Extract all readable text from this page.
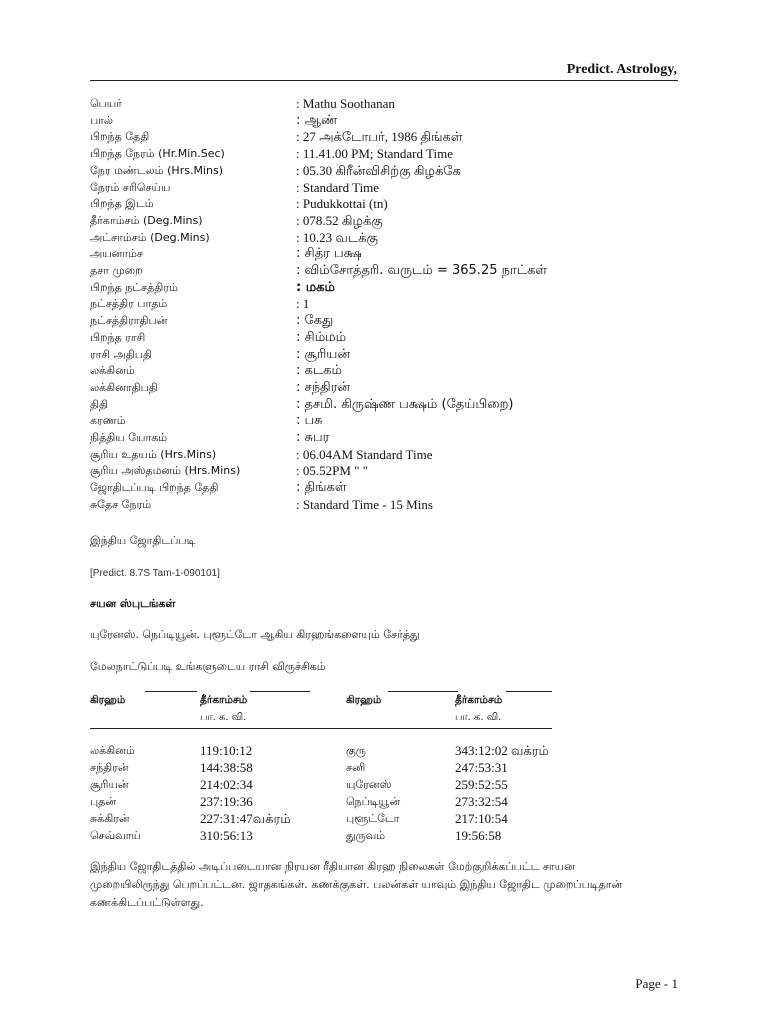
Predict. Astrology,
பெயர்	: Mathu Soothanan
பால்	: ஆண்
பிறந்த தேதி	: 27 அக்டோபர், 1986 திங்கள்
பிறந்த நேரம் (Hr.Min.Sec)	: 11.41.00 PM; Standard Time
நேர மண்டலம் (Hrs.Mins)	: 05.30 கிரீன்விசிற்கு கிழக்கே
நேரம் சரிசெய்ய	: Standard Time
பிறந்த இடம்	: Pudukkottai (tn)
தீர்காம்சம் (Deg.Mins)	: 078.52 கிழக்கு
அட்சாம்சம் (Deg.Mins)	: 10.23 வடக்கு
அயனாம்ச	: சித்ர பக்ஷ
தசா முறை	: விம்சோத்தரி. வருடம் = 365.25 நாட்கள்
பிறந்த நட்சத்திரம்	: மகம்
நட்சத்திர பாதம்	: 1
நட்சத்திராதிபன்	: கேது
பிறந்த ராசி	: சிம்மம்
ராசி அதிபதி	: சூரியன்
லக்கினம்	: கடகம்
லக்கினாதிபதி	: சந்திரன்
திதி	: தசமி. கிருஷ்ண பக்ஷம் (தேய்பிறை)
கரணம்	: பசு
நித்திய யோகம்	: சுபர
சூரிய உதயம் (Hrs.Mins)	: 06.04AM Standard Time
சூரிய அஸ்தமனம் (Hrs.Mins)	: 05.52PM " "
ஜோதிடப்படி பிறந்த தேதி	: திங்கள்
சுதேச நேரம்	: Standard Time - 15 Mins
இந்திய ஜோதிடப்படி
[Predict. 8.7S Tam-1-090101]
சயன ஸ்புடங்கள்
யுரேனஸ். நெப்டியூன். புளூட்டோ ஆகிய கிரஹங்களையும் சேர்த்து
மேலநாட்டுப்படி உங்களுடைய ராசி விருச்சிகம்
கிரஹம்	தீர்காம்சம்	கிரஹம்	தீர்காம்சம்
பா. க. வி.	பா. க. வி.
லக்கினம்	119:10:12	குரு	343:12:02 வக்ரம்
சந்திரன்	144:38:58	சனி	247:53:31
சூரியன்	214:02:34	யுரேனஸ்	259:52:55
புதன்	237:19:36	நெப்டியூன்	273:32:54
சுக்கிரன்	227:31:47வக்ரம்	புளூட்டோ	217:10:54
செவ்வாய்	310:56:13	துருவம்	19:56:58
இந்திய ஜோதிடத்தில் அடிப்படையான நிரயன ரீதியான கிரஹ நிலைகள் மேற்குறிக்கப்பட்ட சாயன முறையிலிருந்து பெறப்பட்டன. ஜாதகங்கள். கணக்குகள். பலன்கள் யாவும் இந்திய ஜோதிட முறைப்படிதான் கணக்கிடப்பட்டுள்ளது.
Page - 1
